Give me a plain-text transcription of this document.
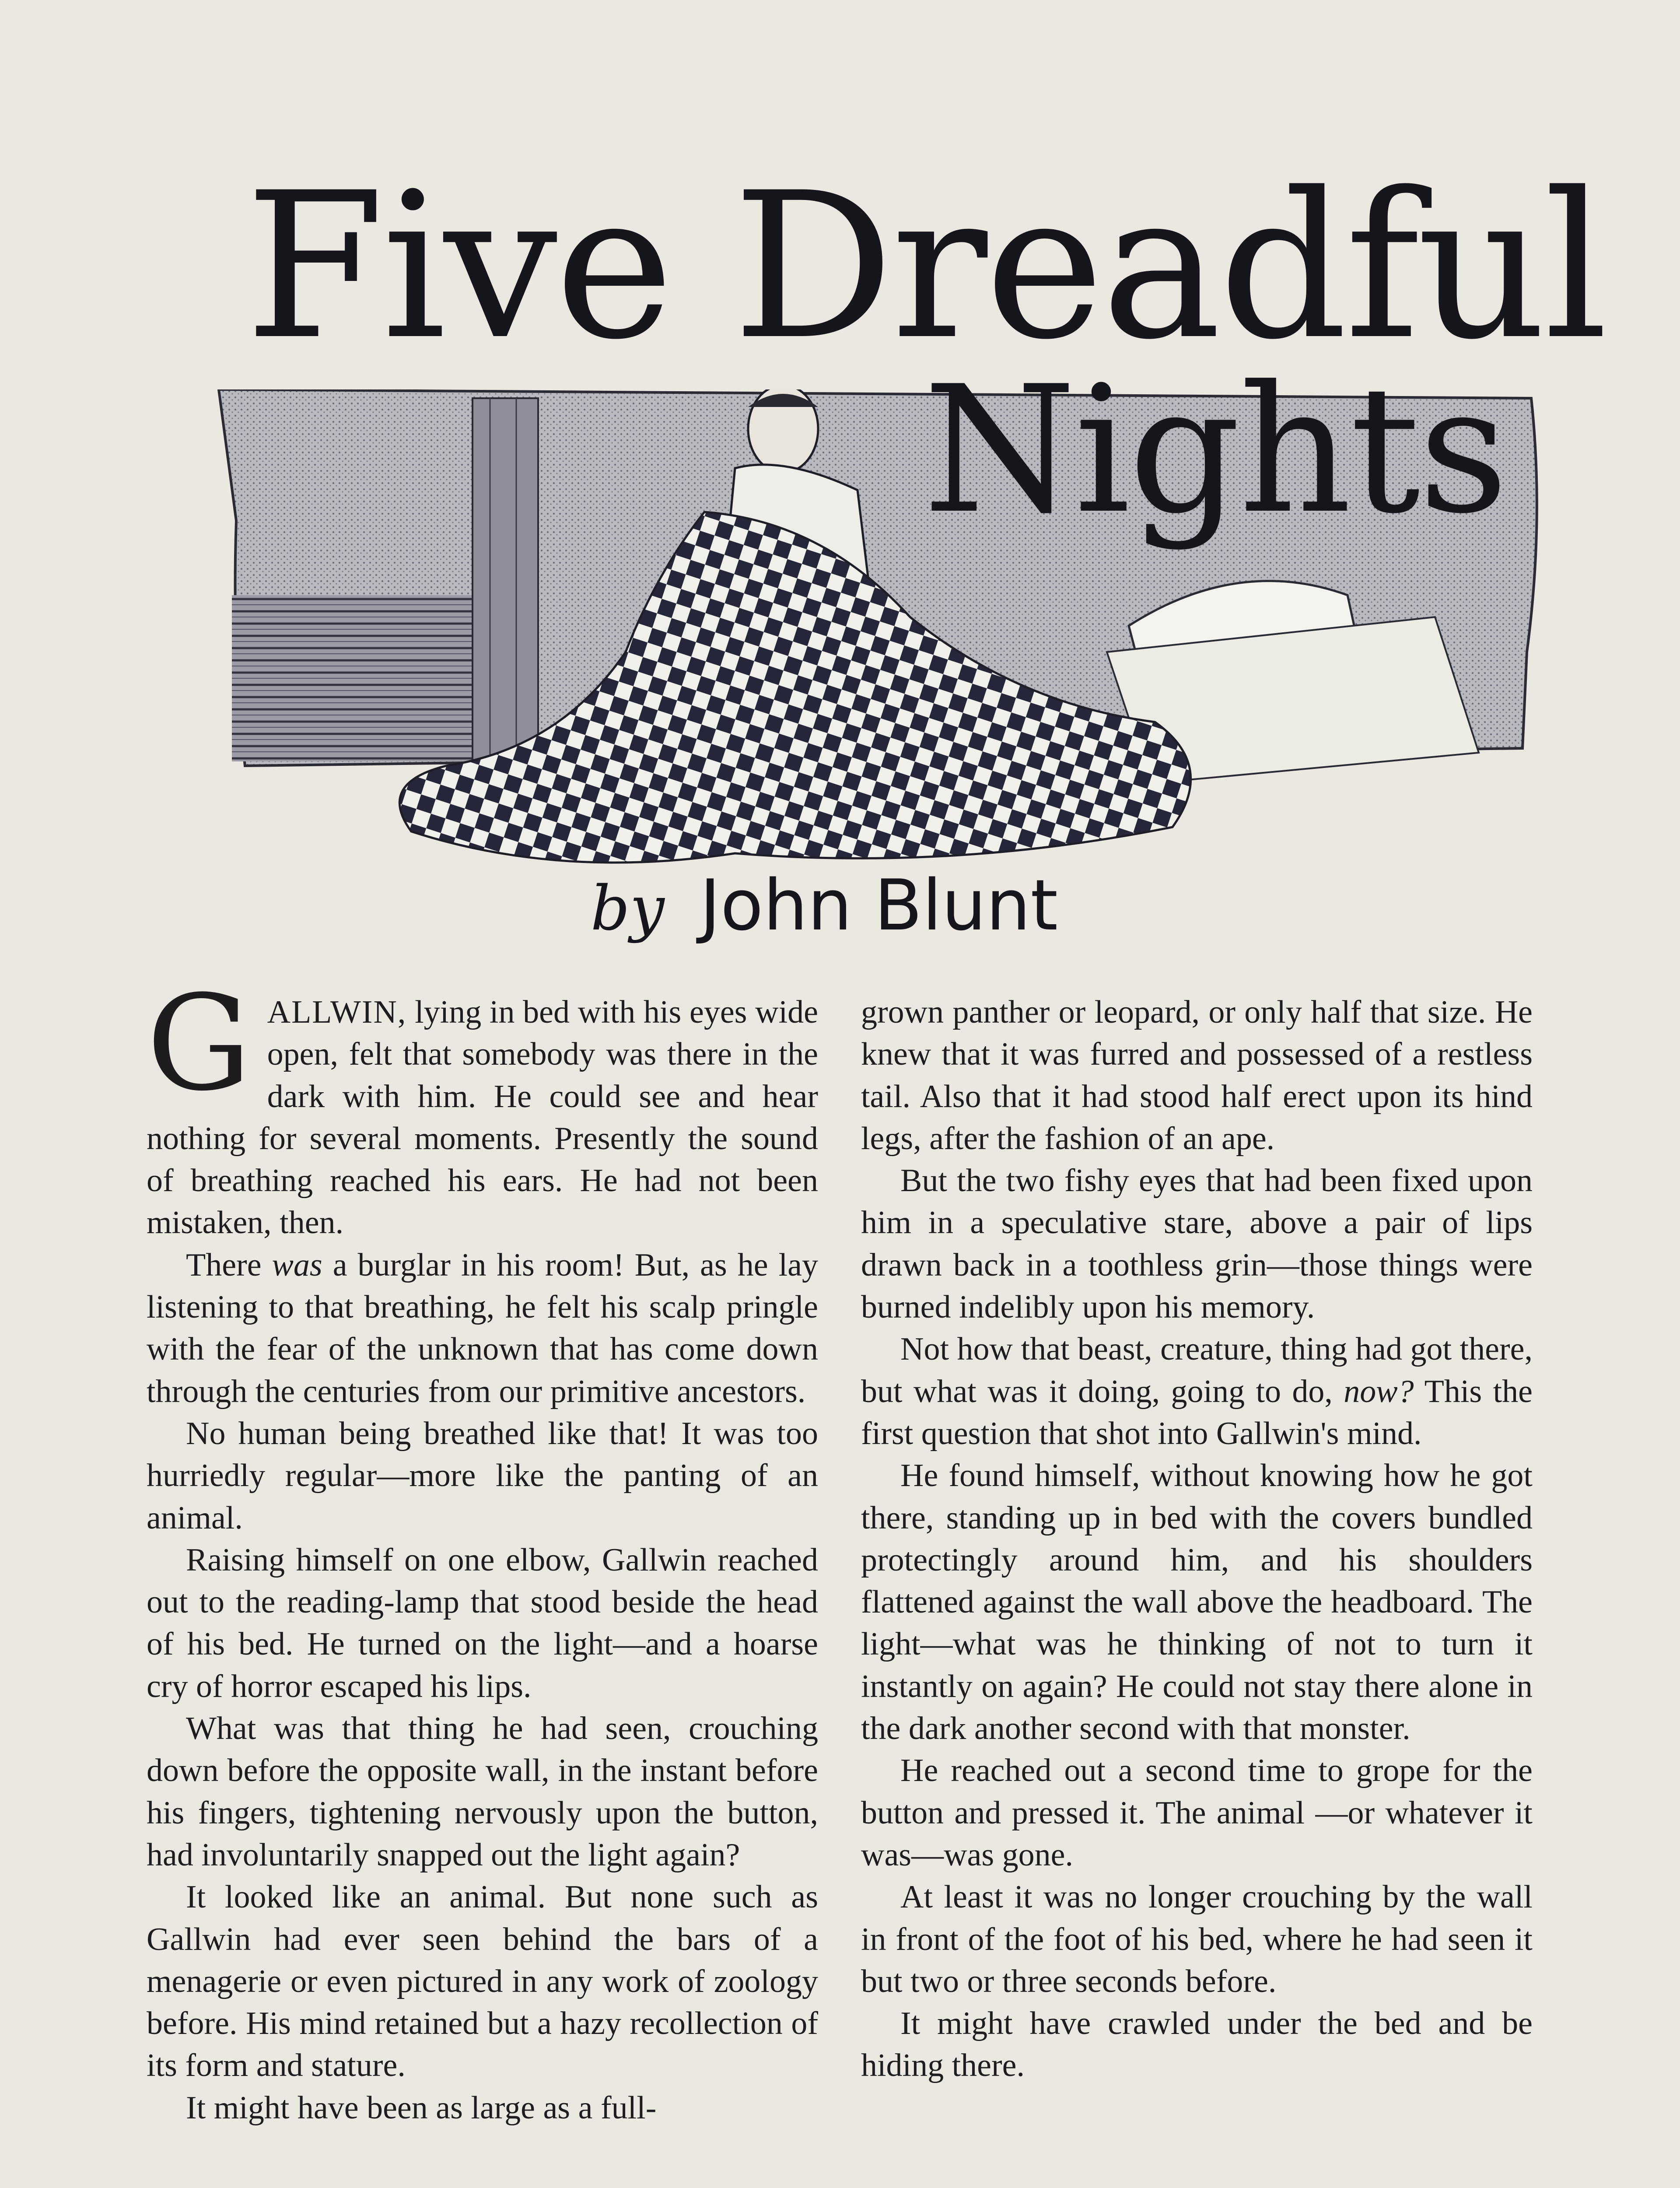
Five Dreadful
Nights
by John Blunt

GALLWIN, lying in bed with his eyes wide open, felt that somebody was there in the dark with him. He could see and hear nothing for several moments. Presently the sound of breathing reached his ears. He had not been mistaken, then.

There was a burglar in his room! But, as he lay listening to that breathing, he felt his scalp pringle with the fear of the unknown that has come down through the centuries from our primitive ancestors.

No human being breathed like that! It was too hurriedly regular—more like the panting of an animal.

Raising himself on one elbow, Gallwin reached out to the reading-lamp that stood beside the head of his bed. He turned on the light—and a hoarse cry of horror escaped his lips.

What was that thing he had seen, crouching down before the opposite wall, in the instant before his fingers, tightening nervously upon the button, had involuntarily snapped out the light again?

It looked like an animal. But none such as Gallwin had ever seen behind the bars of a menagerie or even pictured in any work of zoology before. His mind retained but a hazy recollection of its form and stature.

It might have been as large as a full-

grown panther or leopard, or only half that size. He knew that it was furred and possessed of a restless tail. Also that it had stood half erect upon its hind legs, after the fashion of an ape.

But the two fishy eyes that had been fixed upon him in a speculative stare, above a pair of lips drawn back in a toothless grin—those things were burned indelibly upon his memory.

Not how that beast, creature, thing had got there, but what was it doing, going to do, now? This the first question that shot into Gallwin's mind.

He found himself, without knowing how he got there, standing up in bed with the covers bundled protectingly around him, and his shoulders flattened against the wall above the headboard. The light—what was he thinking of not to turn it instantly on again? He could not stay there alone in the dark another second with that monster.

He reached out a second time to grope for the button and pressed it. The animal —or whatever it was—was gone.

At least it was no longer crouching by the wall in front of the foot of his bed, where he had seen it but two or three seconds before.

It might have crawled under the bed and be hiding there.
